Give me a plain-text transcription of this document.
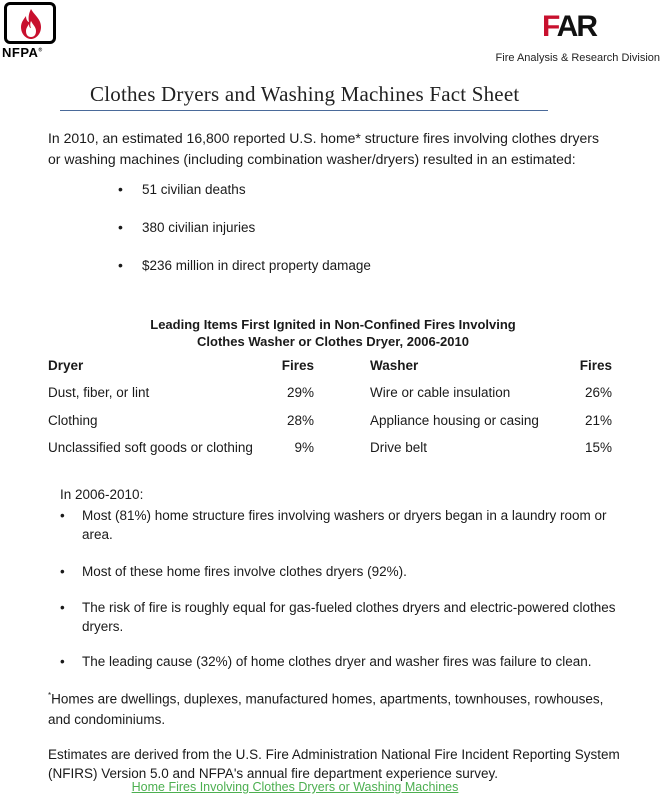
NFPA®
FAR
Fire Analysis & Research Division
Clothes Dryers and Washing Machines Fact Sheet
In 2010, an estimated 16,800 reported U.S. home* structure fires involving clothes dryers or washing machines (including combination washer/dryers) resulted in an estimated:
• 51 civilian deaths
• 380 civilian injuries
• $236 million in direct property damage
Leading Items First Ignited in Non-Confined Fires Involving
Clothes Washer or Clothes Dryer, 2006-2010
Dryer	Fires	Washer	Fires
Dust, fiber, or lint	29%	Wire or cable insulation	26%
Clothing	28%	Appliance housing or casing	21%
Unclassified soft goods or clothing	9%	Drive belt	15%
In 2006-2010:
• Most (81%) home structure fires involving washers or dryers began in a laundry room or area.
• Most of these home fires involve clothes dryers (92%).
• The risk of fire is roughly equal for gas-fueled clothes dryers and electric-powered clothes dryers.
• The leading cause (32%) of home clothes dryer and washer fires was failure to clean.
*Homes are dwellings, duplexes, manufactured homes, apartments, townhouses, rowhouses, and condominiums.
Estimates are derived from the U.S. Fire Administration National Fire Incident Reporting System (NFIRS) Version 5.0 and NFPA's annual fire department experience survey.
Home Fires Involving Clothes Dryers or Washing Machines
